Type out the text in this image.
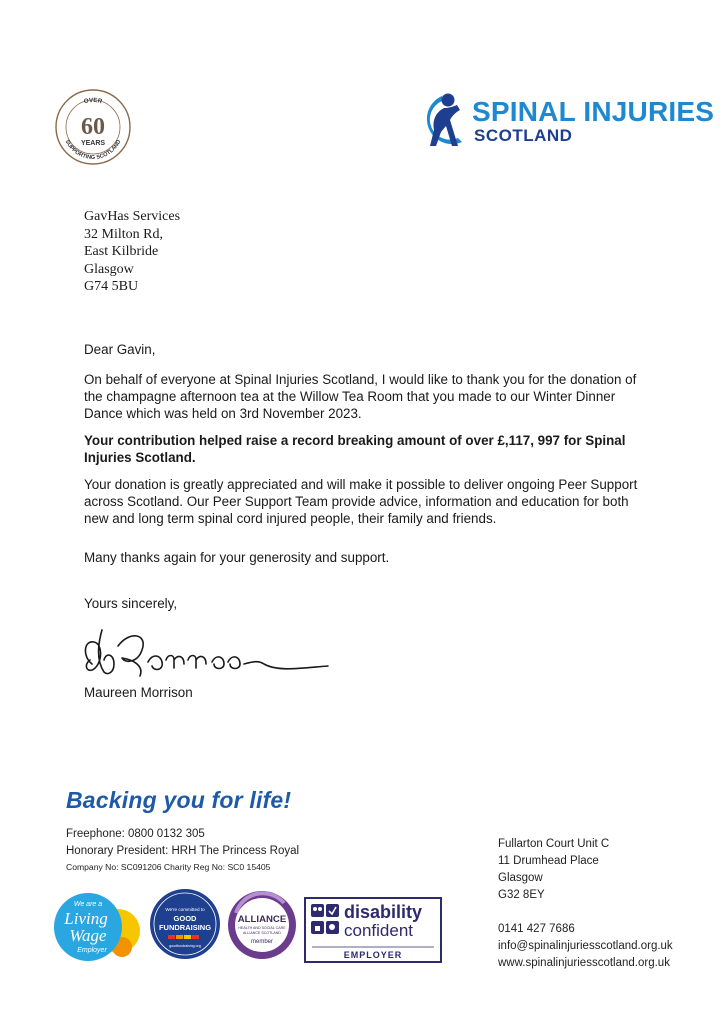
OVER
60
YEARS
SUPPORTING SCOTLAND
SPINAL INJURIES
SCOTLAND
GavHas Services
32 Milton Rd,
East Kilbride
Glasgow
G74 5BU
Dear Gavin,
On behalf of everyone at Spinal Injuries Scotland, I would like to thank you for the donation of the champagne afternoon tea at the Willow Tea Room that you made to our Winter Dinner Dance which was held on 3rd November 2023.
Your contribution helped raise a record breaking amount of over £,117, 997 for Spinal Injuries Scotland.
Your donation is greatly appreciated and will make it possible to deliver ongoing Peer Support across Scotland. Our Peer Support Team provide advice, information and education for both new and long term spinal cord injured people, their family and friends.
Many thanks again for your generosity and support.
Yours sincerely,
Maureen Morrison
Backing you for life!
Freephone: 0800 0132 305
Honorary President: HRH The Princess Royal
Company No: SC091206 Charity Reg No: SC0 15405
Fullarton Court Unit C
11 Drumhead Place
Glasgow
G32 8EY
0141 427 7686
info@spinalinjuriesscotland.org.uk
www.spinalinjuriesscotland.org.uk
We are a
Living
Wage
Employer
We're committed to
GOOD
FUNDRAISING
goodfundraising.org
ALLIANCE
HEALTH AND SOCIAL CARE
ALLIANCE SCOTLAND
member
disability
confident
EMPLOYER
